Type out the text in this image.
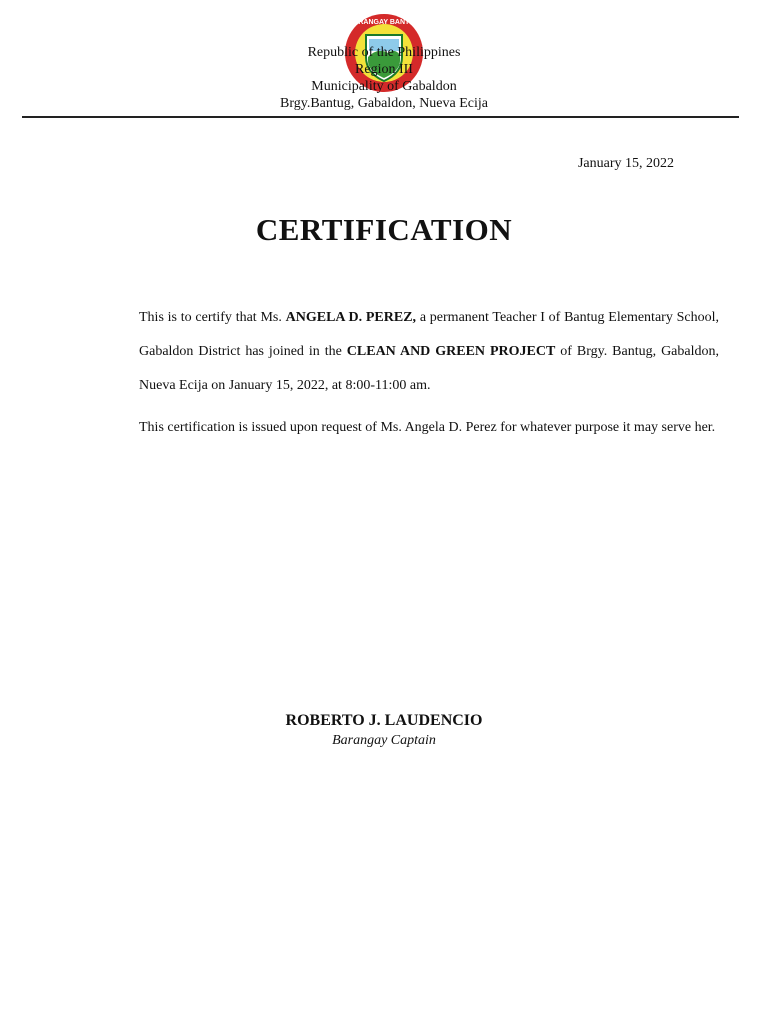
BARANGAY BANTUG
Republic of the Philippines
Region III
Municipality of Gabaldon
Brgy.Bantug, Gabaldon, Nueva Ecija
January 15, 2022
CERTIFICATION
This is to certify that Ms. ANGELA D. PEREZ, a permanent Teacher I of Bantug Elementary School, Gabaldon District has joined in the CLEAN AND GREEN PROJECT of Brgy. Bantug, Gabaldon, Nueva Ecija on January 15, 2022, at 8:00-11:00 am.
This certification is issued upon request of Ms. Angela D. Perez for whatever purpose it may serve her.
ROBERTO J. LAUDENCIO
Barangay Captain
